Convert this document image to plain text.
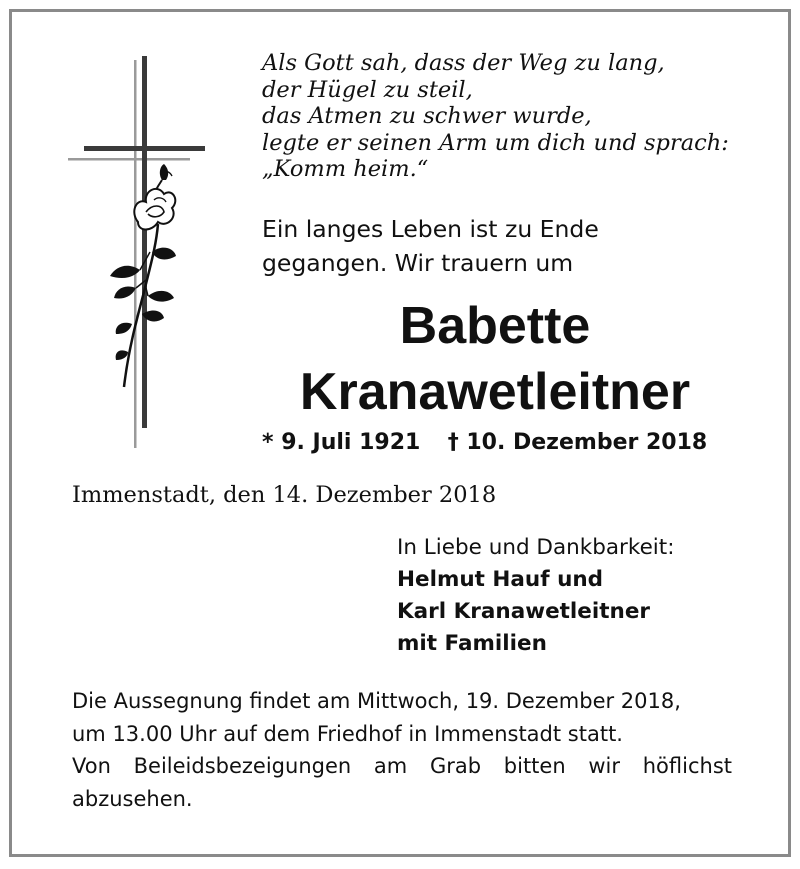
Als Gott sah, dass der Weg zu lang,
der Hügel zu steil,
das Atmen zu schwer wurde,
legte er seinen Arm um dich und sprach:
„Komm heim.“
Ein langes Leben ist zu Ende
gegangen. Wir trauern um
Babette
Kranawetleitner
* 9. Juli 1921 † 10. Dezember 2018
Immenstadt, den 14. Dezember 2018
In Liebe und Dankbarkeit:
Helmut Hauf und
Karl Kranawetleitner
mit Familien
Die Aussegnung findet am Mittwoch, 19. Dezember 2018,
um 13.00 Uhr auf dem Friedhof in Immenstadt statt.
Von Beileidsbezeigungen am Grab bitten wir höflichst
abzusehen.
